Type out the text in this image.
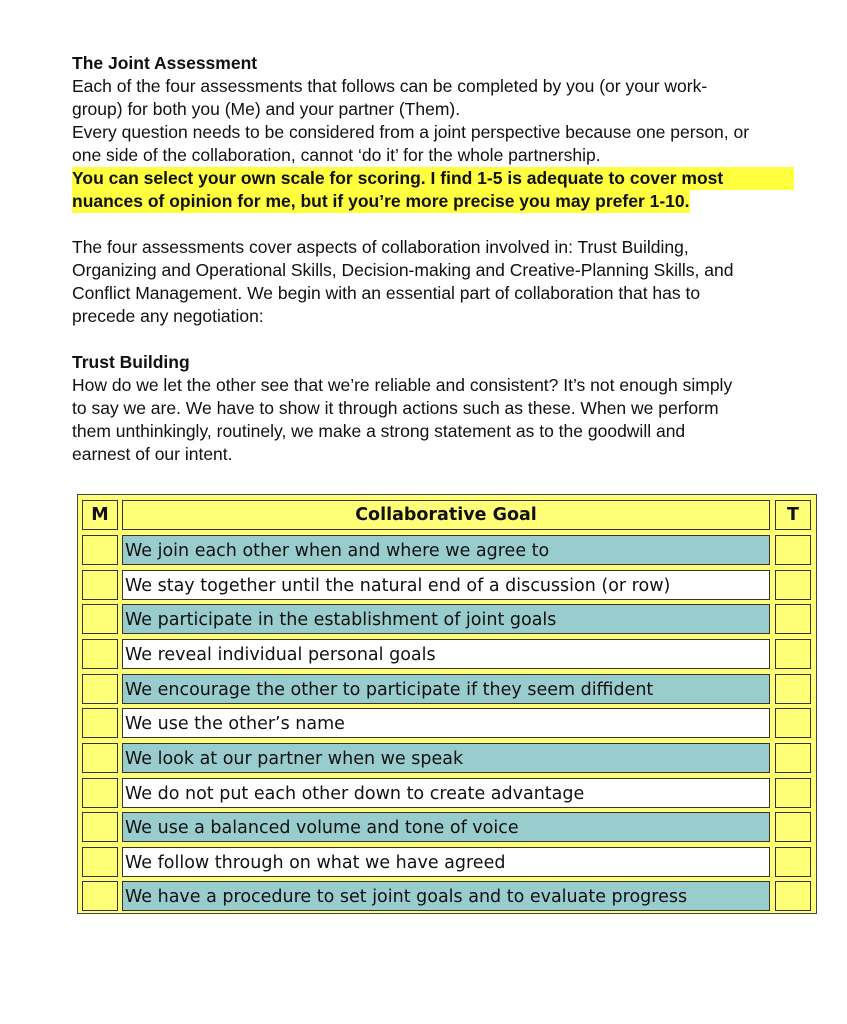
The Joint Assessment

Each of the four assessments that follows can be completed by you (or your work-

group) for both you (Me) and your partner (Them).

Every question needs to be considered from a joint perspective because one person, or

one side of the collaboration, cannot ‘do it’ for the whole partnership.

You can select your own scale for scoring. I find 1-5 is adequate to cover most

nuances of opinion for me, but if you’re more precise you may prefer 1-10.

The four assessments cover aspects of collaboration involved in: Trust Building,

Organizing and Operational Skills, Decision-making and Creative-Planning Skills, and

Conflict Management. We begin with an essential part of collaboration that has to

precede any negotiation:

Trust Building

How do we let the other see that we’re reliable and consistent? It’s not enough simply

to say we are. We have to show it through actions such as these. When we perform

them unthinkingly, routinely, we make a strong statement as to the goodwill and

earnest of our intent.

M	Collaborative Goal	T
We join each other when and where we agree to
We stay together until the natural end of a discussion (or row)
We participate in the establishment of joint goals
We reveal individual personal goals
We encourage the other to participate if they seem diffident
We use the other’s name
We look at our partner when we speak
We do not put each other down to create advantage
We use a balanced volume and tone of voice
We follow through on what we have agreed
We have a procedure to set joint goals and to evaluate progress
